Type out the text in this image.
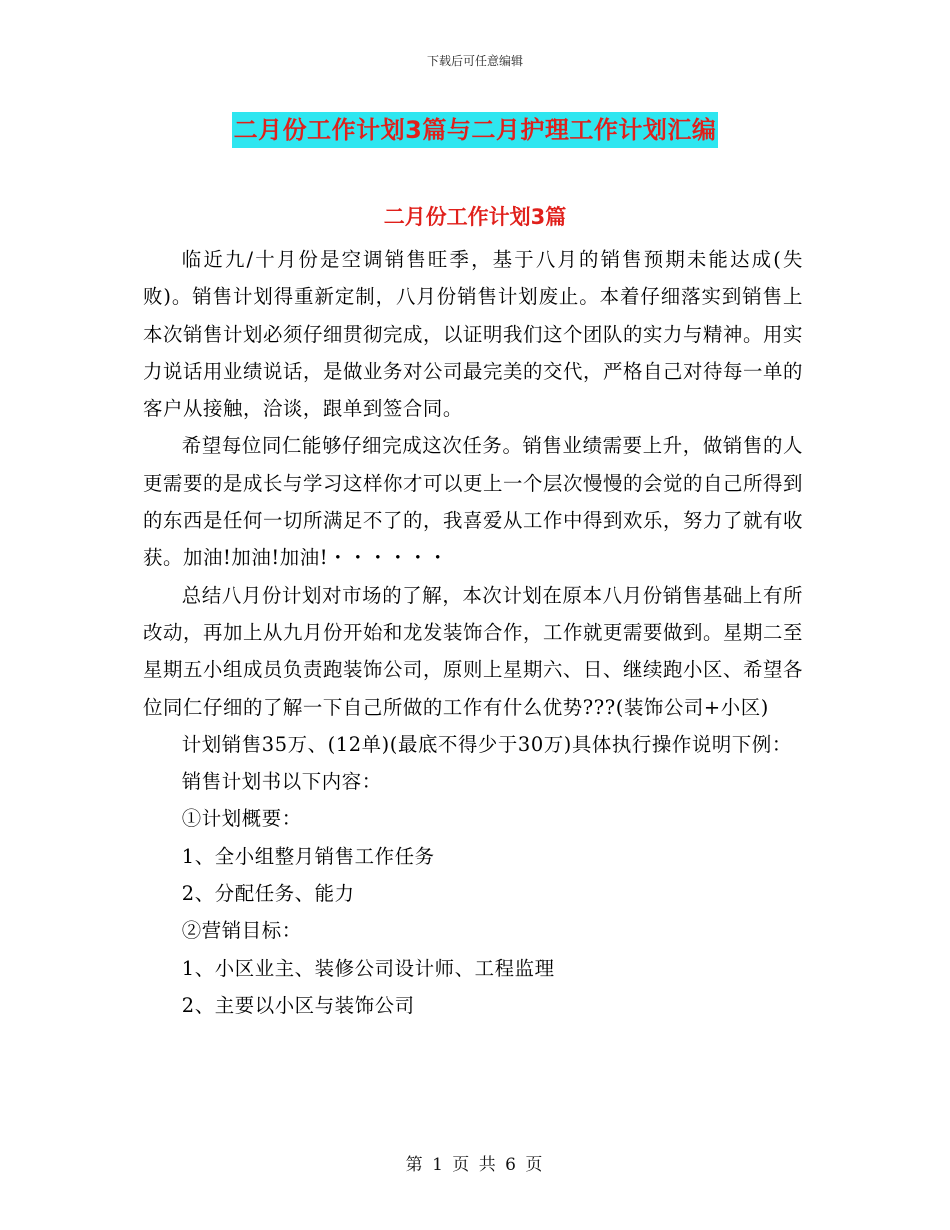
下载后可任意编辑
二月份工作计划3篇与二月护理工作计划汇编
二月份工作计划3篇

临近九/十月份是空调销售旺季，基于八月的销售预期未能达成(失败)。销售计划得重新定制，八月份销售计划废止。本着仔细落实到销售上本次销售计划必须仔细贯彻完成，以证明我们这个团队的实力与精神。用实力说话用业绩说话，是做业务对公司最完美的交代，严格自己对待每一单的客户从接触，洽谈，跟单到签合同。

希望每位同仁能够仔细完成这次任务。销售业绩需要上升，做销售的人更需要的是成长与学习这样你才可以更上一个层次慢慢的会觉的自己所得到的东西是任何一切所满足不了的，我喜爱从工作中得到欢乐，努力了就有收获。加油!加油!加油!・・・・・・

总结八月份计划对市场的了解，本次计划在原本八月份销售基础上有所改动，再加上从九月份开始和龙发装饰合作，工作就更需要做到。星期二至星期五小组成员负责跑装饰公司，原则上星期六、日、继续跑小区、希望各位同仁仔细的了解一下自己所做的工作有什么优势???(装饰公司+小区)

计划销售35万、(12单)(最底不得少于30万)具体执行操作说明下例：

销售计划书以下内容：

①计划概要：

1、全小组整月销售工作任务

2、分配任务、能力

②营销目标：

1、小区业主、装修公司设计师、工程监理

2、主要以小区与装饰公司

第 1 页 共 6 页
